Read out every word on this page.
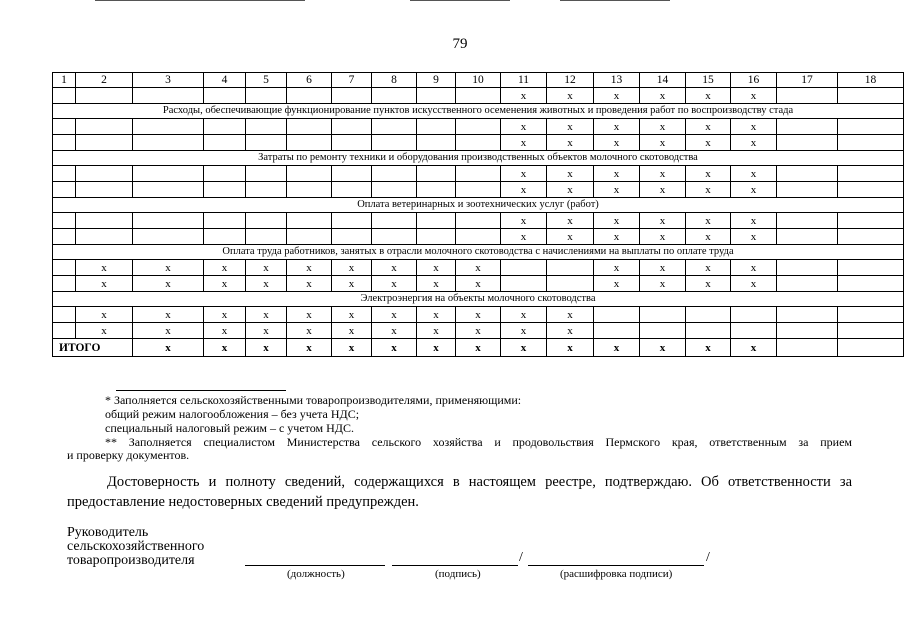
79
1	2	3	4	5	6	7	8	9	10	11	12	13	14	15	16	17	18
										х	х	х	х	х	х		
Расходы, обеспечивающие функционирование пунктов искусственного осеменения животных и проведения работ по воспроизводству стада																	
										х	х	х	х	х	х		
										х	х	х	х	х	х		
Затраты по ремонту техники и оборудования производственных объектов молочного скотоводства																	
										х	х	х	х	х	х		
										х	х	х	х	х	х		
Оплата ветеринарных и зоотехнических услуг (работ)																	
										х	х	х	х	х	х		
										х	х	х	х	х	х		
Оплата труда работников, занятых в отрасли молочного скотоводства с начислениями на выплаты по оплате труда																	
	х	х	х	х	х	х	х	х	х			х	х	х	х		
	х	х	х	х	х	х	х	х	х			х	х	х	х		
Электроэнергия на объекты молочного скотоводства																	
	х	х	х	х	х	х	х	х	х	х	х						
	х	х	х	х	х	х	х	х	х	х	х						
ИТОГО		х	х	х	х	х	х	х	х	х	х	х	х	х	х		
* Заполняется сельскохозяйственными товаропроизводителями, применяющими:
общий режим налогообложения – без учета НДС;
специальный налоговый режим – с учетом НДС.
** Заполняется специалистом Министерства сельского хозяйства и продовольствия Пермского края, ответственным за прием
и проверку документов.

Достоверность и полноту сведений, содержащихся в настоящем реестре, подтверждаю. Об ответственности за предоставление недостоверных сведений предупрежден.

Руководитель
сельскохозяйственного
товаропроизводителя	/	/
(должность)	(подпись)	(расшифровка подписи)
